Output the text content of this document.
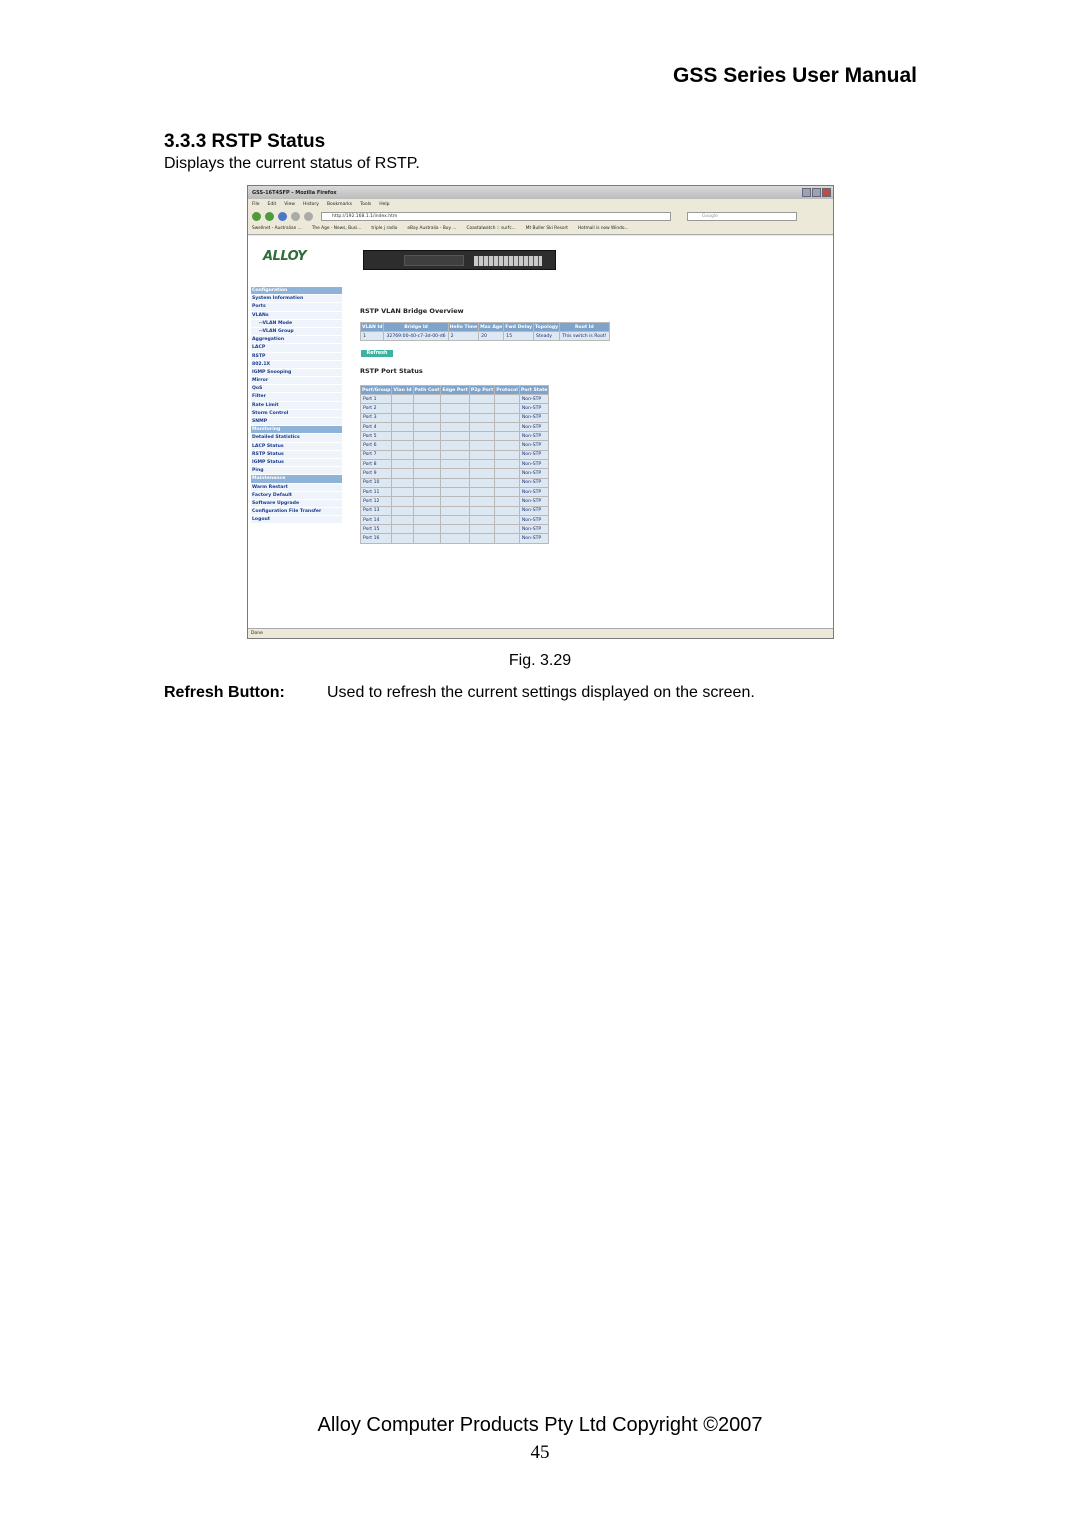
GSS Series User Manual
3.3.3 RSTP Status
Displays the current status of RSTP.
GSS-16T4SFP - Mozilla Firefox
File Edit View History Bookmarks Tools Help
http://192.168.1.1/index.htm	Google
Swellnet - Australian ... The Age - News, Busi... triple j radio eBay Australia - Buy ... Coastalwatch :: surfc... Mt Buller Ski Resort Hotmail is now Windo...
ALLOY
Configuration
System Information
Ports
VLANs
--VLAN Mode
--VLAN Group
Aggregation
LACP
RSTP
802.1X
IGMP Snooping
Mirror
QoS
Filter
Rate Limit
Storm Control
SNMP
Monitoring
Detailed Statistics
LACP Status
RSTP Status
IGMP Status
Ping
Maintenance
Warm Restart
Factory Default
Software Upgrade
Configuration File Transfer
Logout
RSTP VLAN Bridge Overview
VLAN Id	Bridge Id	Hello Time	Max Age	Fwd Delay	Topology	Root Id
1	32769:00-40-c7-3d-00-d6	2	20	15	Steady	This switch is Root!
Refresh
RSTP Port Status
Port/Group	Vlan Id	Path Cost	Edge Port	P2p Port	Protocol	Port State
Port 1						Non-STP
Port 2						Non-STP
Port 3						Non-STP
Port 4						Non-STP
Port 5						Non-STP
Port 6						Non-STP
Port 7						Non-STP
Port 8						Non-STP
Port 9						Non-STP
Port 10						Non-STP
Port 11						Non-STP
Port 12						Non-STP
Port 13						Non-STP
Port 14						Non-STP
Port 15						Non-STP
Port 16						Non-STP
Done
Fig. 3.29
Refresh Button:	Used to refresh the current settings displayed on the screen.
Alloy Computer Products Pty Ltd Copyright ©2007
45
